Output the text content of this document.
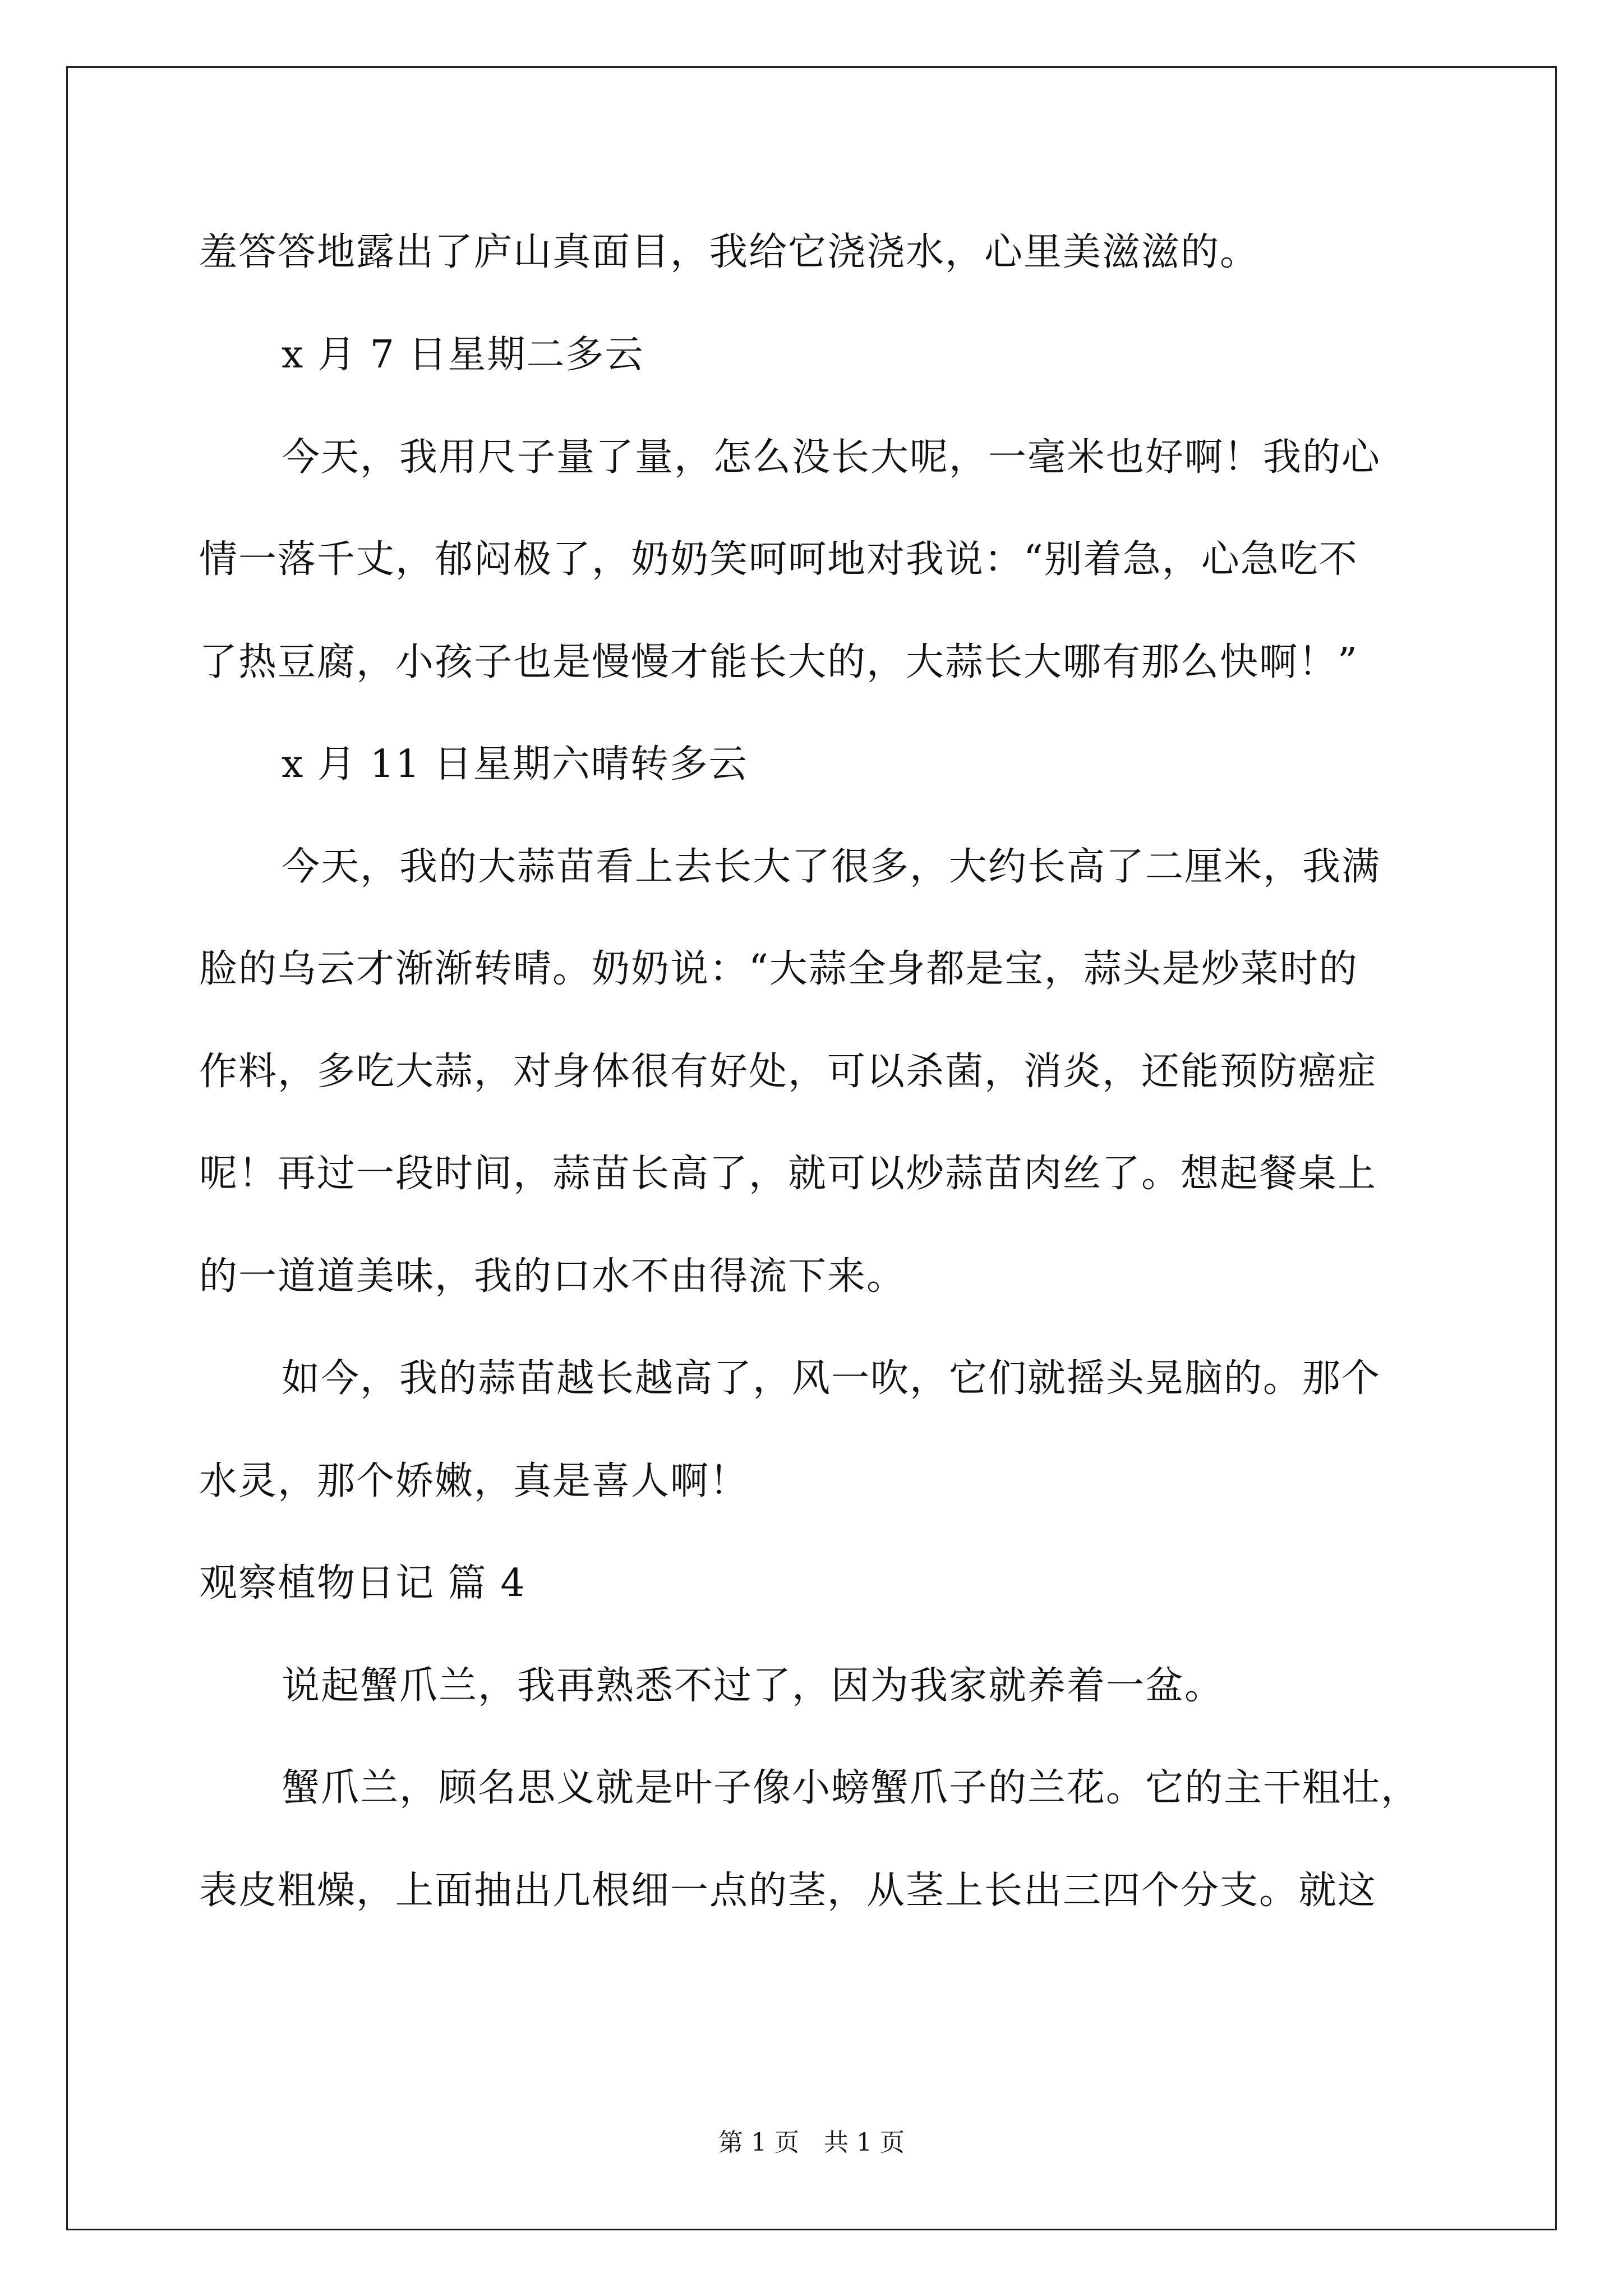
羞答答地露出了庐山真面目，我给它浇浇水，心里美滋滋的。
x 月 7 日星期二多云
今天，我用尺子量了量，怎么没长大呢，一毫米也好啊！我的心
情一落千丈，郁闷极了，奶奶笑呵呵地对我说：“别着急，心急吃不
了热豆腐，小孩子也是慢慢才能长大的，大蒜长大哪有那么快啊！”
x 月 11 日星期六晴转多云
今天，我的大蒜苗看上去长大了很多，大约长高了二厘米，我满
脸的乌云才渐渐转晴。奶奶说：“大蒜全身都是宝，蒜头是炒菜时的
作料，多吃大蒜，对身体很有好处，可以杀菌，消炎，还能预防癌症
呢！再过一段时间，蒜苗长高了，就可以炒蒜苗肉丝了。想起餐桌上
的一道道美味，我的口水不由得流下来。
如今，我的蒜苗越长越高了，风一吹，它们就摇头晃脑的。那个
水灵，那个娇嫩，真是喜人啊！
观察植物日记 篇 4
说起蟹爪兰，我再熟悉不过了，因为我家就养着一盆。
蟹爪兰，顾名思义就是叶子像小螃蟹爪子的兰花。它的主干粗壮，
表皮粗燥，上面抽出几根细一点的茎，从茎上长出三四个分支。就这
第 1 页 共 1 页
